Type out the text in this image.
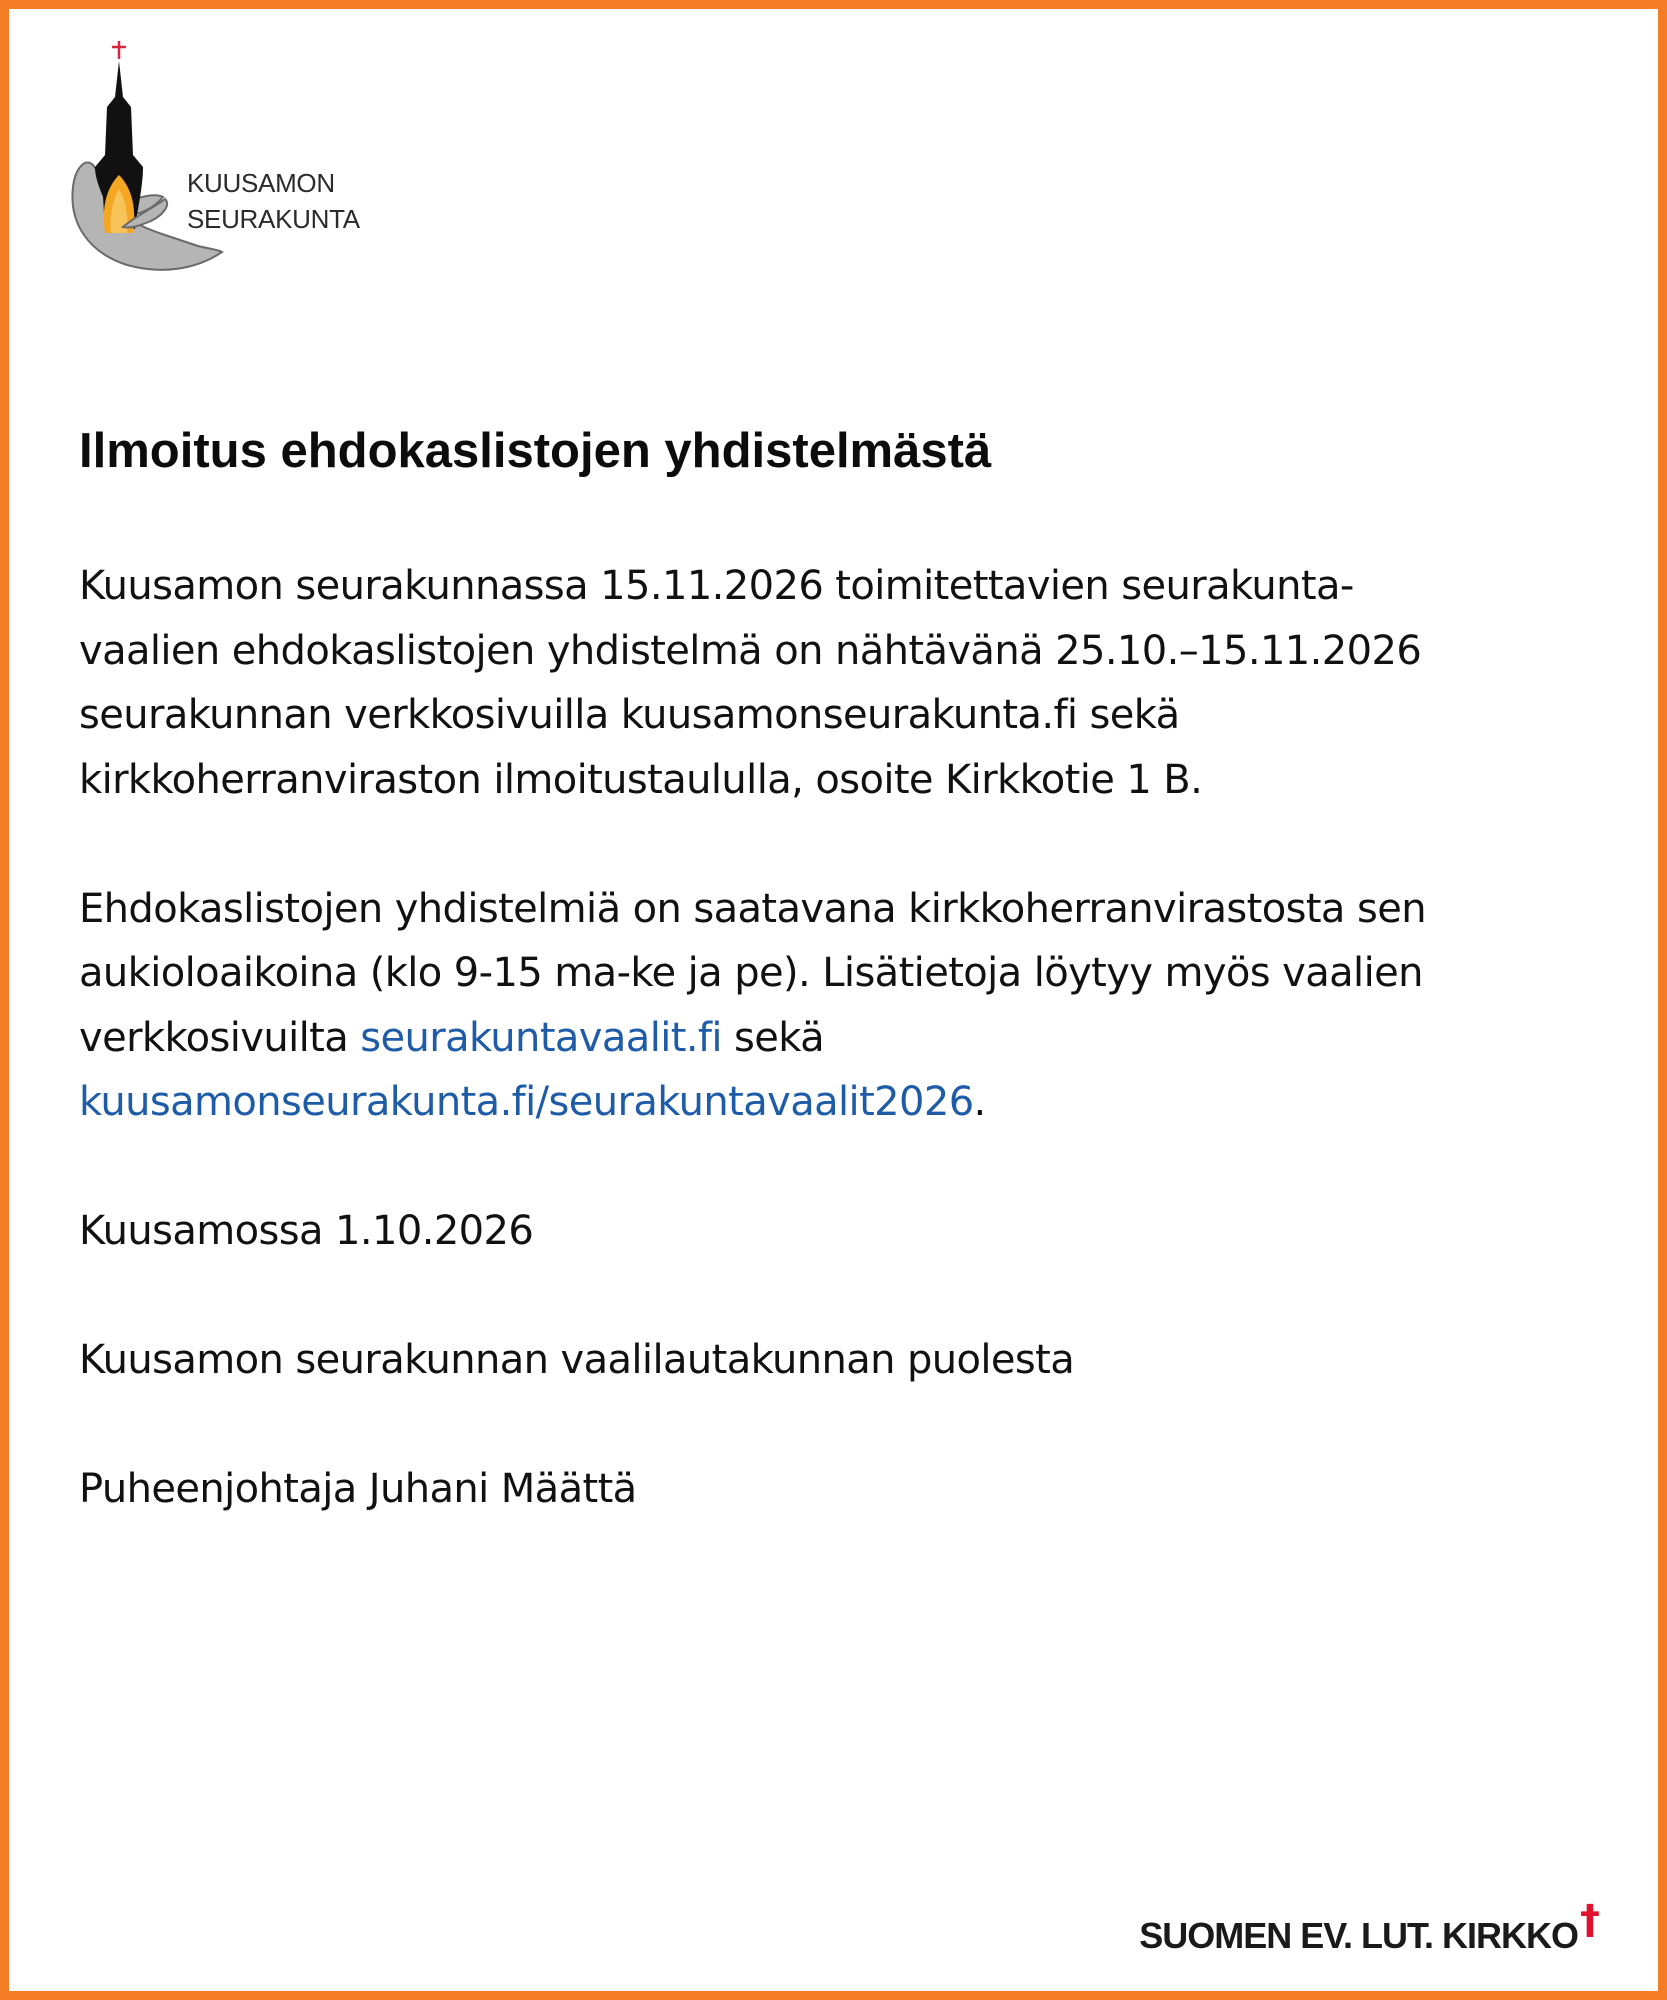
KUUSAMON
SEURAKUNTA
Ilmoitus ehdokaslistojen yhdistelmästä

Kuusamon seurakunnassa 15.11.2026 toimitettavien seurakunta-
vaalien ehdokaslistojen yhdistelmä on nähtävänä 25.10.–15.11.2026
seurakunnan verkkosivuilla kuusamonseurakunta.fi sekä
kirkkoherranviraston ilmoitustaululla, osoite Kirkkotie 1 B.

Ehdokaslistojen yhdistelmiä on saatavana kirkkoherranvirastosta sen
aukioloaikoina (klo 9-15 ma-ke ja pe). Lisätietoja löytyy myös vaalien
verkkosivuilta seurakuntavaalit.fi sekä
kuusamonseurakunta.fi/seurakuntavaalit2026.

Kuusamossa 1.10.2026

Kuusamon seurakunnan vaalilautakunnan puolesta

Puheenjohtaja Juhani Määttä

SUOMEN EV. LUT. KIRKKO†
